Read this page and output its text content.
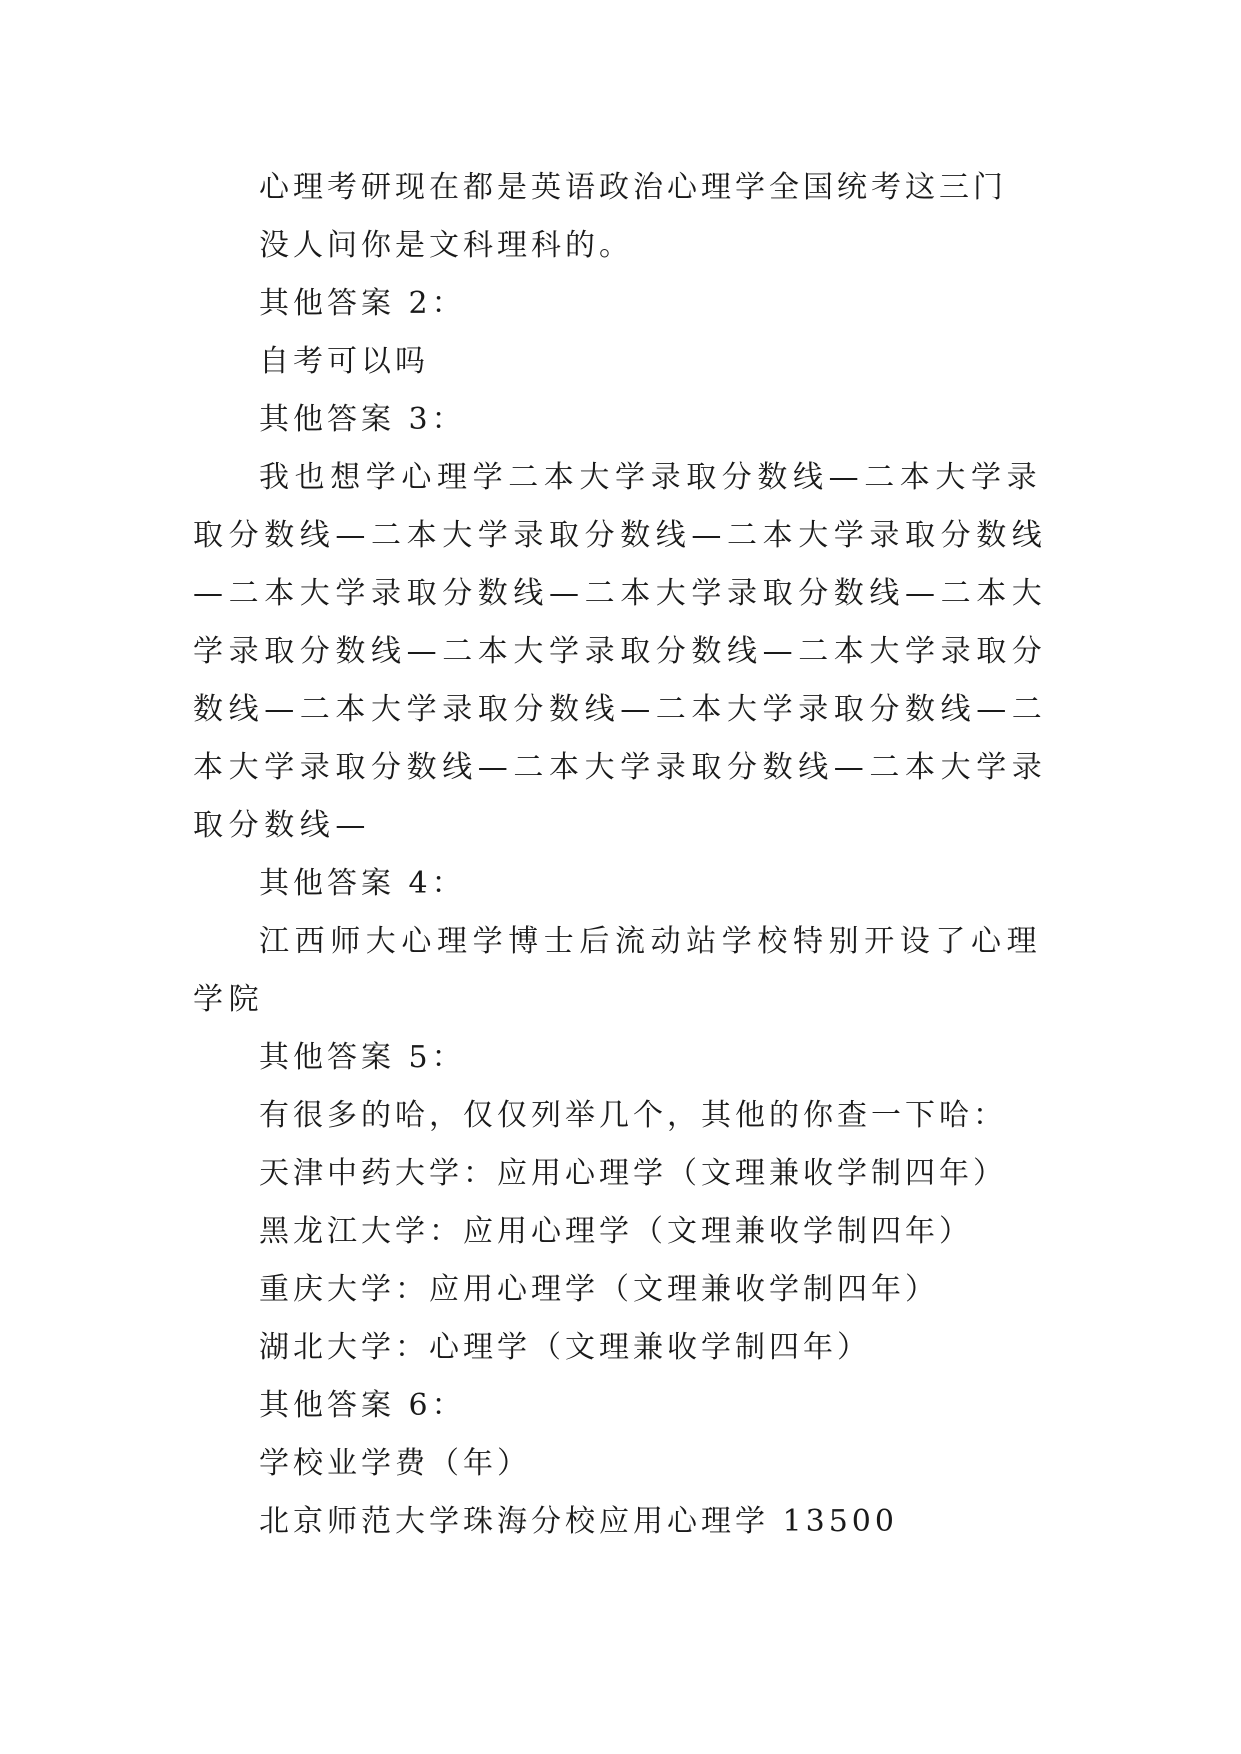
心理考研现在都是英语政治心理学全国统考这三门

没人问你是文科理科的。

其他答案 2：

自考可以吗

其他答案 3：

我也想学心理学二本大学录取分数线—二本大学录取分数线—二本大学录取分数线—二本大学录取分数线—二本大学录取分数线—二本大学录取分数线—二本大学录取分数线—二本大学录取分数线—二本大学录取分数线—二本大学录取分数线—二本大学录取分数线—二本大学录取分数线—二本大学录取分数线—二本大学录取分数线—

其他答案 4：

江西师大心理学博士后流动站学校特别开设了心理学院

其他答案 5：

有很多的哈，仅仅列举几个，其他的你查一下哈：

天津中药大学：应用心理学（文理兼收学制四年）

黑龙江大学：应用心理学（文理兼收学制四年）

重庆大学：应用心理学（文理兼收学制四年）

湖北大学：心理学（文理兼收学制四年）

其他答案 6：

学校业学费（年）

北京师范大学珠海分校应用心理学 13500
